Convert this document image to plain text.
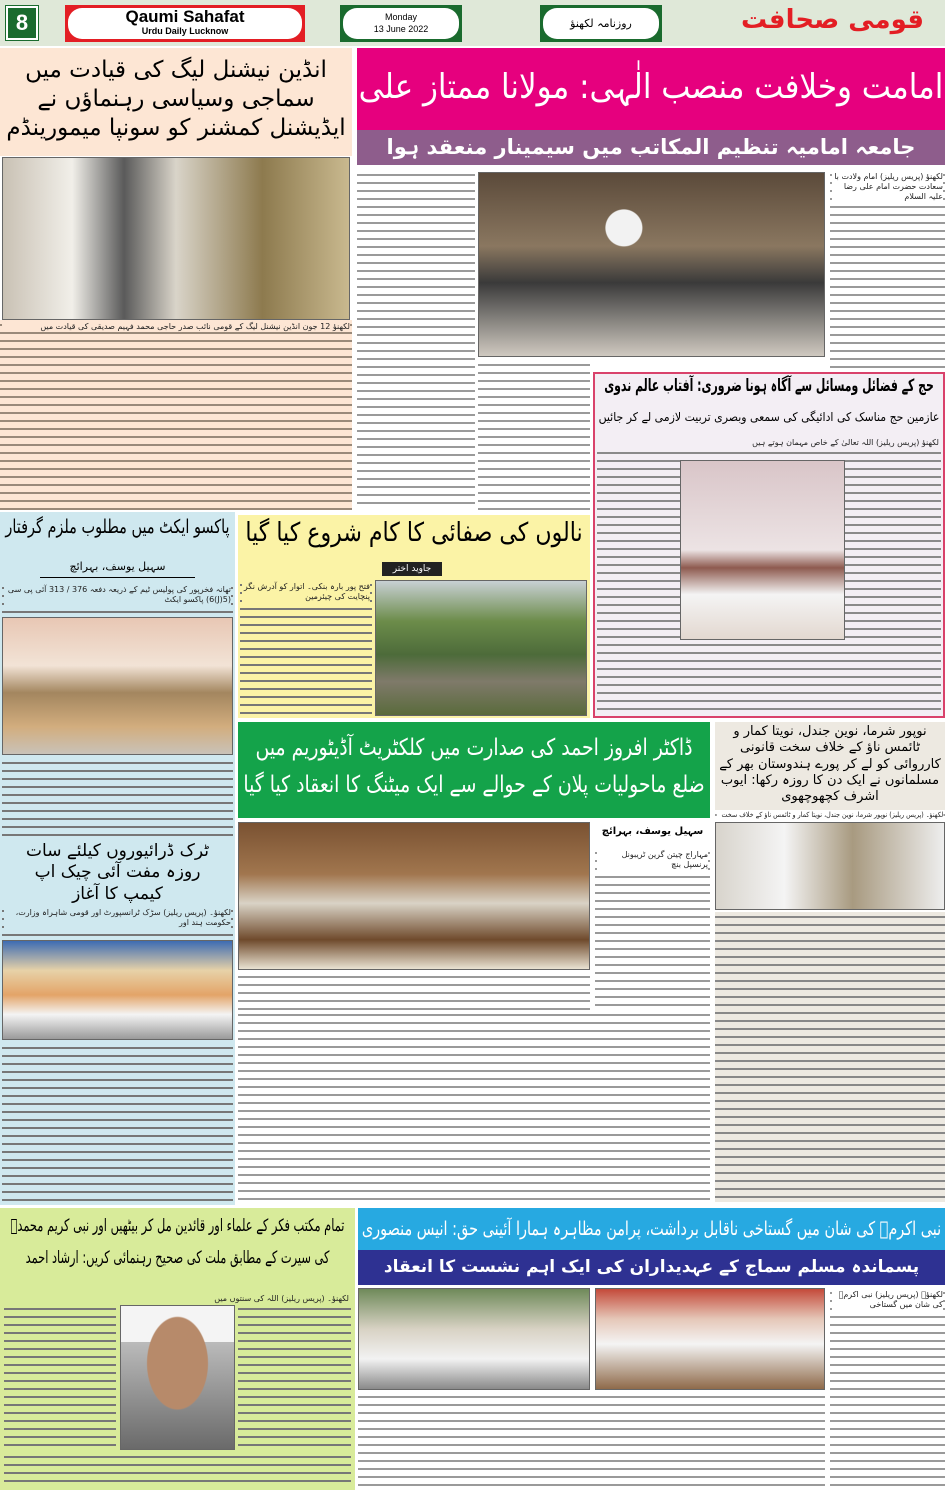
8	Qaumi Sahafat
Urdu Daily Lucknow
Monday
13 June 2022	روزنامہ لکھنؤ	قومی صحافت
انڈین نیشنل لیگ کی قیادت میں سماجی وسیاسی رہنماؤں نے ایڈیشنل کمشنر کو سونپا میمورینڈم
لکھنؤ 12 جون انڈین نیشنل لیگ کے قومی نائب صدر حاجی محمد فہیم صدیقی کی قیادت میں
امامت وخلافت منصب الٰہی: مولانا ممتاز علی
جامعہ امامیہ تنظیم المکاتب میں سیمینار منعقد ہوا
لکھنؤ (پریس ریلیز) امام ولادت با سعادت حضرت امام علی رضا علیہ السلام
حج کے فضائل ومسائل سے آگاہ ہونا ضروری: آفتاب عالم ندوی
عازمین حج مناسک کی ادائیگی کی سمعی وبصری تربیت لازمی لے کر جائیں
لکھنؤ (پریس ریلیز) اللہ تعالیٰ کے خاص مہمان ہوتے ہیں
پاکسو ایکٹ میں مطلوب ملزم گرفتار
سہیل یوسف، بہرائچ
تھانہ فخرپور کی پولیس ٹیم کے ذریعہ دفعہ 376 / 313 آئی پی سی (5(J)6) پاکسو ایکٹ
ٹرک ڈرائیوروں کیلئے سات روزہ مفت آئی چیک اپ کیمپ کا آغاز
لکھنؤ۔ (پریس ریلیز) سڑک ٹرانسپورٹ اور قومی شاہراہ وزارت، حکومت ہند اور
نالوں کی صفائی کا کام شروع کیا گیا
جاوید اختر
فتح پور بارہ بنکی۔ اتوار کو آدرش نگر پنچایت کی چیئرمین
ڈاکٹر افروز احمد کی صدارت میں کلکٹریٹ آڈیٹوریم میں ضلع ماحولیات پلان کے حوالے سے ایک میٹنگ کا انعقاد کیا گیا
سہیل یوسف، بہرائچ
مہاراج چیتن گرین ٹریبونل پرنسپل بنچ
نوپور شرما، نوین جندل، نویتا کمار و ٹائمس ناؤ کے خلاف سخت قانونی کارروائی کو لے کر پورے ہندوستان بھر کے مسلمانوں نے ایک دن کا روزہ رکھا: ایوب اشرف کچھوچھوی
لکھنؤ۔ (پریس ریلیز) نوپور شرما، نوین جندل، نویتا کمار و ٹائمس ناؤ کے خلاف سخت
تمام مکتب فکر کے علماء اور قائدین مل کر بیٹھیں اور نبی کریم محمدؐ کی سیرت کے مطابق ملت کی صحیح رہنمائی کریں: ارشاد احمد
لکھنؤ۔ (پریس ریلیز) اللہ کی سنتوں میں
نبی اکرمؐ کی شان میں گستاخی ناقابل برداشت، پرامن مظاہرہ ہمارا آئینی حق: انیس منصوری
پسماندہ مسلم سماج کے عہدیداران کی ایک اہم نشست کا انعقاد
لکھنؤ۔ (پریس ریلیز) نبی اکرمؐ کی شان میں گستاخی
